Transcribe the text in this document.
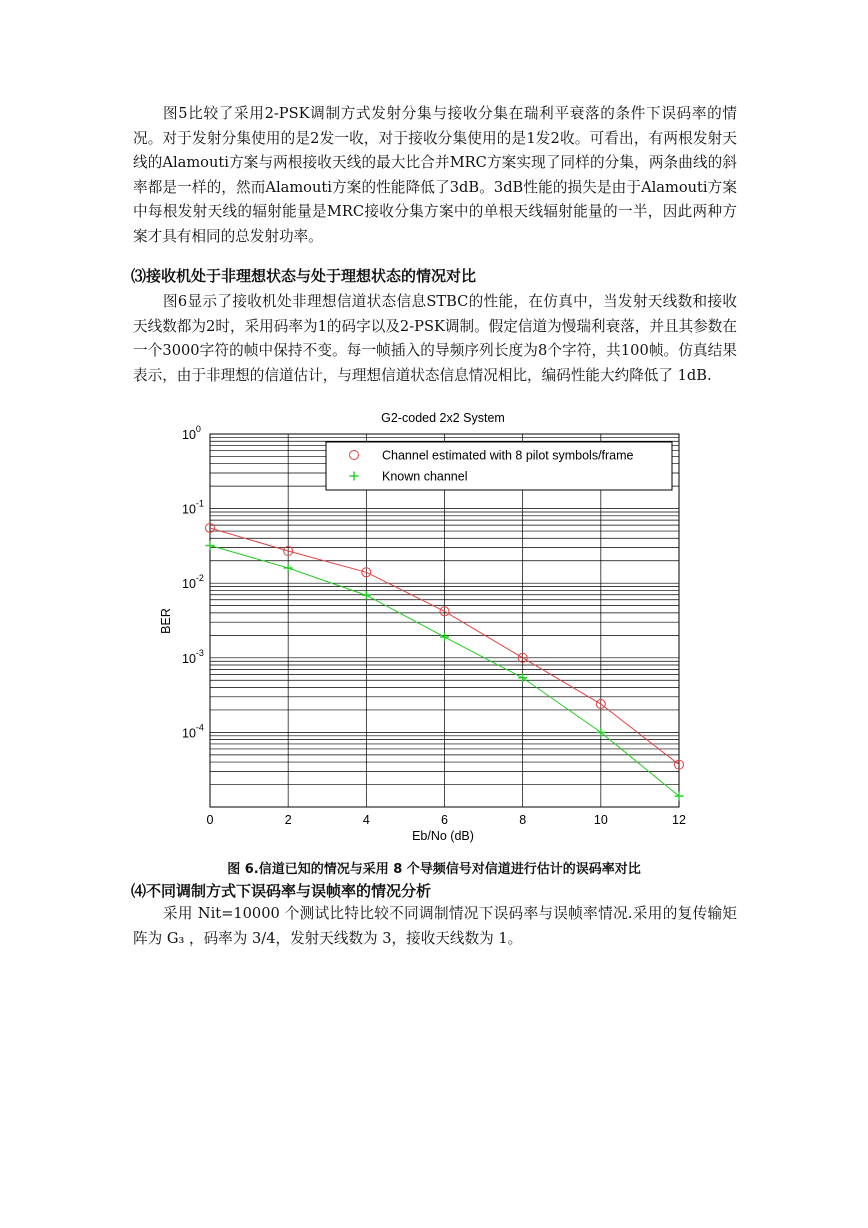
图5比较了采用2-PSK调制方式发射分集与接收分集在瑞利平衰落的条件下误码率的情况。对于发射分集使用的是2发一收，对于接收分集使用的是1发2收。可看出，有两根发射天线的Alamouti方案与两根接收天线的最大比合并MRC方案实现了同样的分集，两条曲线的斜率都是一样的，然而Alamouti方案的性能降低了3dB。3dB性能的损失是由于Alamouti方案中每根发射天线的辐射能量是MRC接收分集方案中的单根天线辐射能量的一半，因此两种方案才具有相同的总发射功率。

⑶接收机处于非理想状态与处于理想状态的情况对比

图6显示了接收机处非理想信道状态信息STBC的性能，在仿真中，当发射天线数和接收天线数都为2时，采用码率为1的码字以及2-PSK调制。假定信道为慢瑞利衰落，并且其参数在一个3000字符的帧中保持不变。每一帧插入的导频序列长度为8个字符，共100帧。仿真结果表示，由于非理想的信道估计，与理想信道状态信息情况相比，编码性能大约降低了 1dB.

G2-coded 2x2 System
$10^0$
$10^{-1}$
$10^{-2}$
$10^{-3}$
$10^{-4}$
0	2	4	6	8	10	12
Channel estimated with 8 pilot symbols/frame
Known channel
Eb/No (dB)
BER
图 6.信道已知的情况与采用 8 个导频信号对信道进行估计的误码率对比

⑷不同调制方式下误码率与误帧率的情况分析

采用 Nit=10000 个测试比特比较不同调制情况下误码率与误帧率情况.采用的复传输矩阵为 G₃ ，码率为 3/4，发射天线数为 3，接收天线数为 1。
